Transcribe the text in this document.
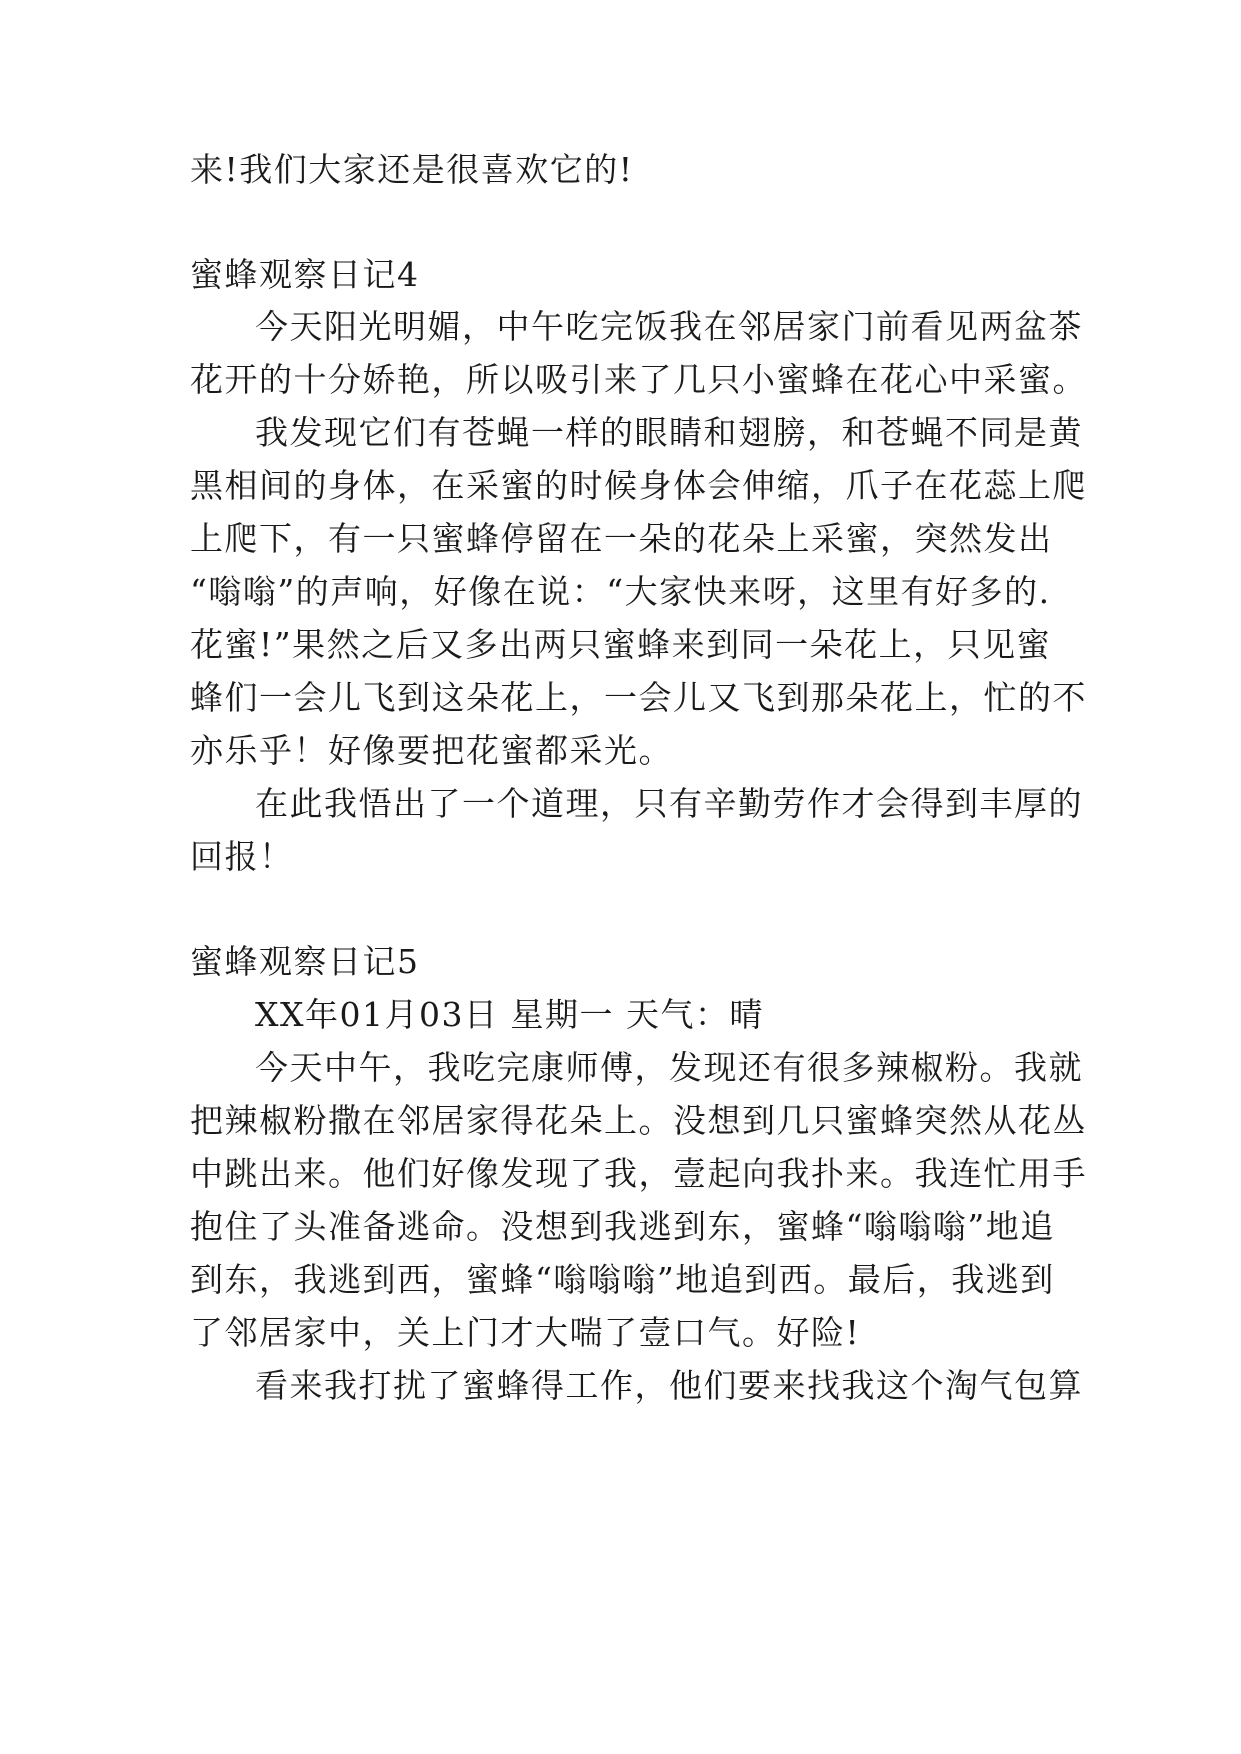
来!我们大家还是很喜欢它的!
蜜蜂观察日记4
今天阳光明媚，中午吃完饭我在邻居家门前看见两盆茶
花开的十分娇艳，所以吸引来了几只小蜜蜂在花心中采蜜。
我发现它们有苍蝇一样的眼睛和翅膀，和苍蝇不同是黄
黑相间的身体，在采蜜的时候身体会伸缩，爪子在花蕊上爬
上爬下，有一只蜜蜂停留在一朵的花朵上采蜜，突然发出
“嗡嗡”的声响，好像在说：“大家快来呀，这里有好多的.
花蜜!”果然之后又多出两只蜜蜂来到同一朵花上，只见蜜
蜂们一会儿飞到这朵花上，一会儿又飞到那朵花上，忙的不
亦乐乎！好像要把花蜜都采光。
在此我悟出了一个道理，只有辛勤劳作才会得到丰厚的
回报！
蜜蜂观察日记5
XX年01月03日 星期一 天气：晴
今天中午，我吃完康师傅，发现还有很多辣椒粉。我就
把辣椒粉撒在邻居家得花朵上。没想到几只蜜蜂突然从花丛
中跳出来。他们好像发现了我，壹起向我扑来。我连忙用手
抱住了头准备逃命。没想到我逃到东，蜜蜂“嗡嗡嗡”地追
到东，我逃到西，蜜蜂“嗡嗡嗡”地追到西。最后，我逃到
了邻居家中，关上门才大喘了壹口气。好险!
看来我打扰了蜜蜂得工作，他们要来找我这个淘气包算
